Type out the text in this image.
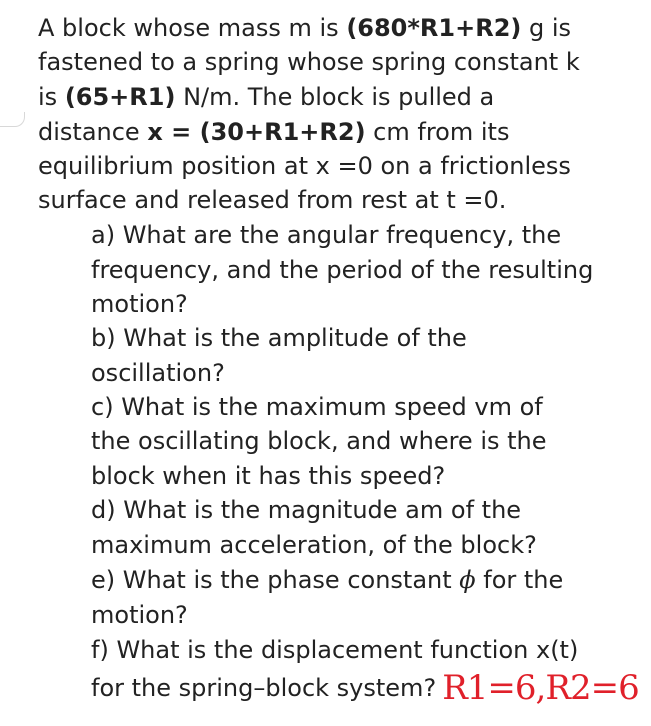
A block whose mass m is (680*R1+R2) g is
fastened to a spring whose spring constant k
is (65+R1) N/m. The block is pulled a
distance x = (30+R1+R2) cm from its
equilibrium position at x =0 on a frictionless
surface and released from rest at t =0.
a) What are the angular frequency, the
frequency, and the period of the resulting
motion?
b) What is the amplitude of the
oscillation?
c) What is the maximum speed vm of
the oscillating block, and where is the
block when it has this speed?
d) What is the magnitude am of the
maximum acceleration, of the block?
e) What is the phase constant ϕ for the
motion?
f) What is the displacement function x(t)
for the spring–block system? R1=6,R2=6
